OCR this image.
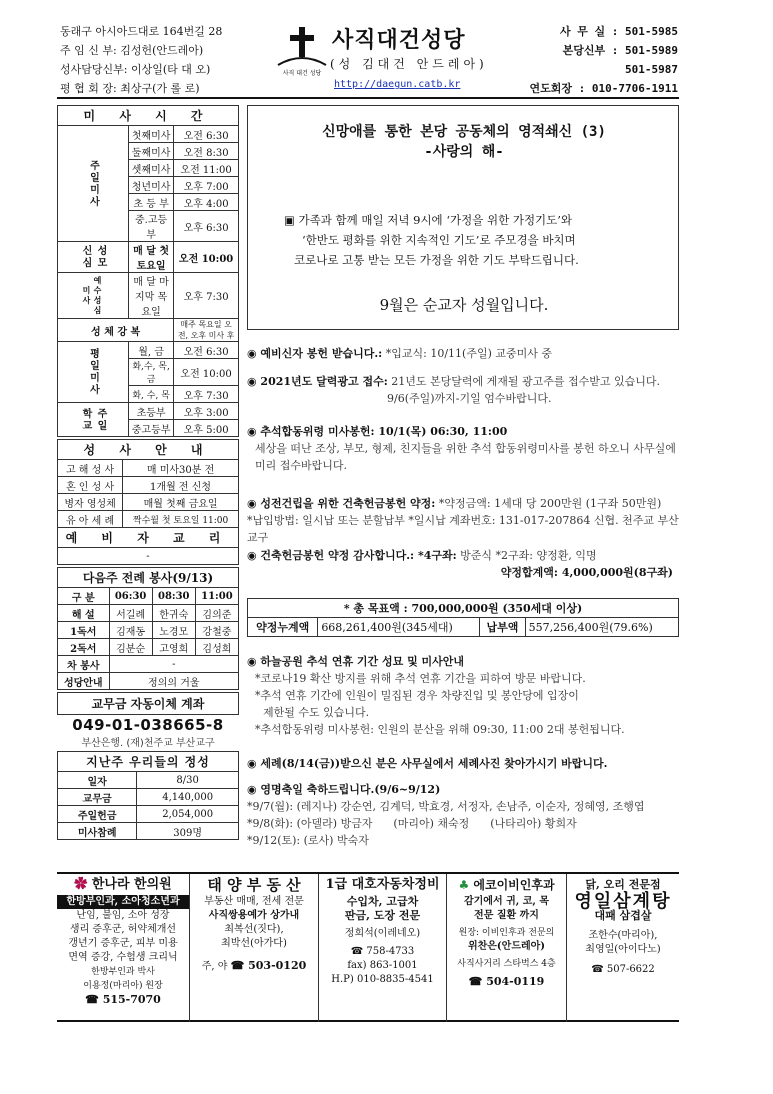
동래구 아시아드대로 164번길 28
주 임 신 부: 김성헌(안드레아)
성사담당신부: 이상일(타 대 오)
평 협 회 장: 최상구(가 롤 로)
사직 대건 성당
사직대건성당
(성 김대건 안드레아)
http://daegun.catb.kr
사 무 실 : 501-5985
본당신부 : 501-5989
501-5987
연도회장 : 010-7706-1911
미 사 시 간		
주일미사	첫째미사	오전 6:30
	둘째미사	오전 8:30
	셋째미사	오전 11:00
	청년미사	오후 7:00
	초 등 부	오후 4:00
	중.고등부	오후 6:30
성모신심	매 달 첫토요일	오전 10:00
예수성심미사	매 달 마지막 목요일	오후 7:30
성 체 강 복		매주 목요일 오전, 오후 미사 후
평일미사	월, 금	오전 6:30
	화,수, 목,금	오전 10:00
	화, 수, 목	오후 7:30
주일학교	초등부	오후 3:00
	중고등부	오후 5:00
성 사 안 내	
고 해 성 사	매 미사30분 전
혼 인 성 사	1개월 전 신청
병자 영성체	매월 첫째 금요일
유 아 세 례	짝수월 첫 토요일 11:00
예 비 자 교 리	
-	
다음주 전례 봉사(9/13)			
구 분	06:30	08:30	11:00
해 설	서길례	한귀숙	김의준
1독서	김재동	노경모	강철중
2독서	김분순	고영희	김성희
차 봉사	-		
성당안내	정의의 거울		
교무금 자동이체 계좌
049-01-038665-8
부산은행. (재)천주교 부산교구
지난주 우리들의 정성	
일자	8/30
교무금	4,140,000
주일헌금	2,054,000
미사참례	309명
신망애를 통한 본당 공동체의 영적쇄신 (3)
-사랑의 해-
▣ 가족과 함께 매일 저녁 9시에 ‘가정을 위한 가정기도’와
‘한반도 평화를 위한 지속적인 기도’로 주모경을 바치며
코로나로 고통 받는 모든 가정을 위한 기도 부탁드립니다.
9월은 순교자 성월입니다.
◉ 예비신자 봉헌 받습니다.: *입교식: 10/11(주일) 교중미사 중
◉ 2021년도 달력광고 접수: 21년도 본당달력에 게재될 광고주를 접수받고 있습니다.
9/6(주일)까지-기일 엄수바랍니다.
◉ 추석합동위령 미사봉헌: 10/1(목) 06:30, 11:00
세상을 떠난 조상, 부모, 형제, 친지들을 위한 추석 합동위령미사를 봉헌 하오니 사무실에
미리 접수바랍니다.
◉ 성전건립을 위한 건축헌금봉헌 약정: *약정금액: 1세대 당 200만원 (1구좌 50만원)
*납입방법: 일시납 또는 분할납부 *일시납 계좌번호: 131-017-207864 신협. 천주교 부산교구
◉ 건축헌금봉헌 약정 감사합니다.: *4구좌: 방준식 *2구좌: 양정환, 익명
약정합계액: 4,000,000원(8구좌)
* 총 목표액 : 700,000,000원 (350세대 이상)
약정누계액	668,261,400원(345세대)	납부액	557,256,400원(79.6%)
◉ 하늘공원 추석 연휴 기간 성묘 및 미사안내
*코로나19 확산 방지를 위해 추석 연휴 기간을 피하여 방문 바랍니다.
*추석 연휴 기간에 인원이 밀집된 경우 차량진입 및 봉안당에 입장이
제한될 수도 있습니다.
*추석합동위령 미사봉헌: 인원의 분산을 위해 09:30, 11:00 2대 봉헌됩니다.
◉ 세례(8/14(금))받으신 분은 사무실에서 세례사진 찾아가시기 바랍니다.
◉ 영명축일 축하드립니다.(9/6~9/12)
*9/7(월): (레지나) 강순연, 김계덕, 박효경, 서정자, 손남주, 이순자, 정혜영, 조행엽
*9/8(화): (아델라) 방금자      (마리아) 채숙정      (나타리아) 황희자
*9/12(토): (로사) 박숙자
✿ 한나라 한의원
한방부인과, 소아청소년과
난임, 불임, 소아 성장
생리 증후군, 허약체개선
갱년기 증후군, 피부 미용
면역 증강, 수험생 크리닉
한방부인과 박사
이용정(마리아) 원장
☎ 515-7070
태 양 부 동 산
부동산 매매, 전세 전문
사직쌍용예가 상가내
최복선(짓다),
최박선(아가다)
주, 야 ☎ 503-0120
1급 대호자동차정비
수입차, 고급차
판금, 도장 전문
정희석(이레네오)
☎ 758-4733
fax) 863-1001
H.P) 010-8835-4541
♣ 에코이비인후과
감기에서 귀, 코, 목
전문 질환 까지
원장: 이비인후과 전문의
위찬은(안드레아)
사직사거리 스타벅스 4층
☎ 504-0119
닭, 오리 전문점
영일삼계탕
대패 삼겹살
조한수(마리아),
최영일(아이다노)
☎ 507-6622
